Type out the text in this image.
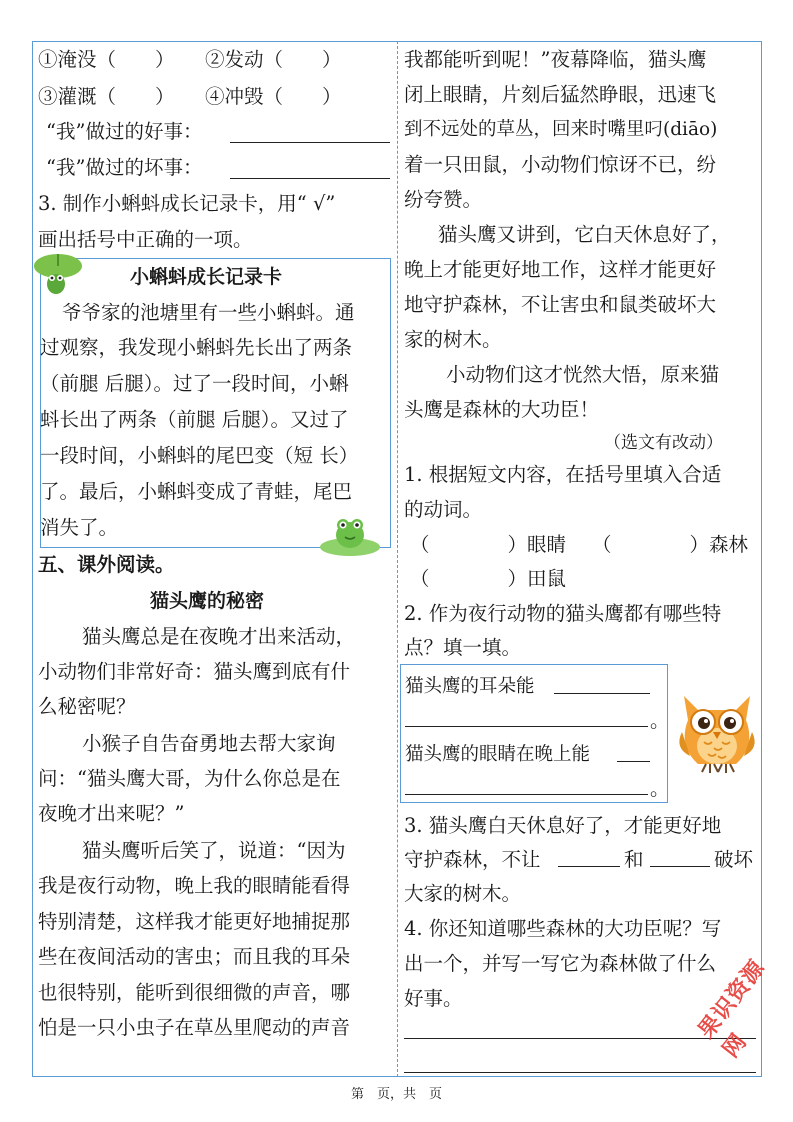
①淹没（　　） ②发动（　　）
③灌溉（　　） ④冲毁（　　）
“我”做过的好事：
“我”做过的坏事：
3. 制作小蝌蚪成长记录卡，用“ √”
画出括号中正确的一项。
小蝌蚪成长记录卡
爷爷家的池塘里有一些小蝌蚪。通
过观察，我发现小蝌蚪先长出了两条
（前腿 后腿）。过了一段时间，小蝌
蚪长出了两条（前腿 后腿）。又过了
一段时间，小蝌蚪的尾巴变（短 长）
了。最后，小蝌蚪变成了青蛙，尾巴
消失了。
五、课外阅读。
猫头鹰的秘密
猫头鹰总是在夜晚才出来活动，
小动物们非常好奇：猫头鹰到底有什
么秘密呢？
小猴子自告奋勇地去帮大家询
问：“猫头鹰大哥，为什么你总是在
夜晚才出来呢？”
猫头鹰听后笑了，说道：“因为
我是夜行动物，晚上我的眼睛能看得
特别清楚，这样我才能更好地捕捉那
些在夜间活动的害虫；而且我的耳朵
也很特别，能听到很细微的声音，哪
怕是一只小虫子在草丛里爬动的声音
我都能听到呢！”夜幕降临，猫头鹰
闭上眼睛，片刻后猛然睁眼，迅速飞
到不远处的草丛，回来时嘴里叼(diāo)
着一只田鼠，小动物们惊讶不已，纷
纷夸赞。
猫头鹰又讲到，它白天休息好了，
晚上才能更好地工作，这样才能更好
地守护森林，不让害虫和鼠类破坏大
家的树木。
小动物们这才恍然大悟，原来猫
头鹰是森林的大功臣！
（选文有改动）
1. 根据短文内容，在括号里填入合适
的动词。
（　　　　）眼睛 （　　　　）森林
（　　　　）田鼠
2. 作为夜行动物的猫头鹰都有哪些特
点？填一填。
猫头鹰的耳朵能
。
猫头鹰的眼睛在晚上能
。
3. 猫头鹰白天休息好了，才能更好地
守护森林，不让	和	破坏
大家的树木。
4. 你还知道哪些森林的大功臣呢？写
出一个，并写一写它为森林做了什么
好事。	果识资源网
第　页，共　页
